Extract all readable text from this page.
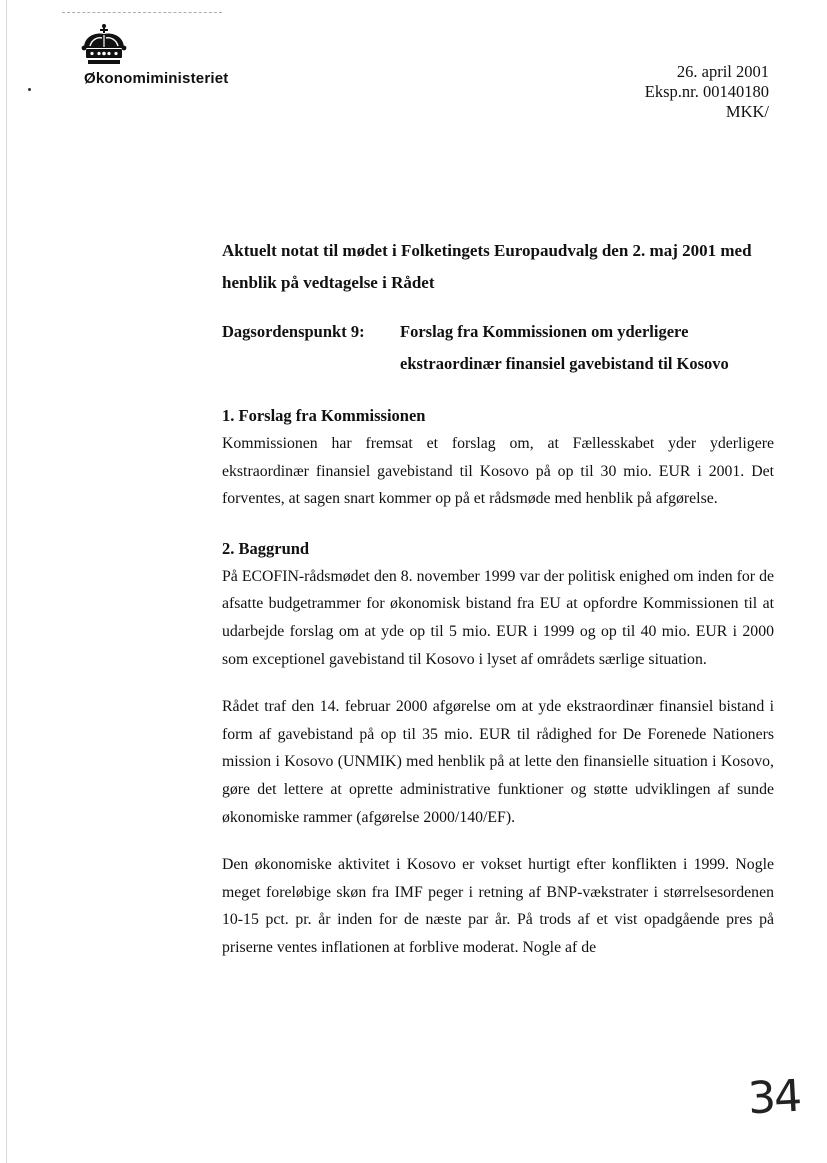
Økonomiministeriet	26. april 2001
Eksp.nr. 00140180
MKK/

Aktuelt notat til mødet i Folketingets Europaudvalg den 2. maj 2001 med henblik på vedtagelse i Rådet

Dagsordenspunkt 9:	Forslag fra Kommissionen om yderligere ekstraordinær finansiel gavebistand til Kosovo
1. Forslag fra Kommissionen

Kommissionen har fremsat et forslag om, at Fællesskabet yder yderligere ekstraordinær finansiel gavebistand til Kosovo på op til 30 mio. EUR i 2001. Det forventes, at sagen snart kommer op på et rådsmøde med henblik på afgørelse.

2. Baggrund

På ECOFIN-rådsmødet den 8. november 1999 var der politisk enighed om inden for de afsatte budgetrammer for økonomisk bistand fra EU at opfordre Kommissionen til at udarbejde forslag om at yde op til 5 mio. EUR i 1999 og op til 40 mio. EUR i 2000 som exceptionel gavebistand til Kosovo i lyset af områdets særlige situation.

Rådet traf den 14. februar 2000 afgørelse om at yde ekstraordinær finansiel bistand i form af gavebistand på op til 35 mio. EUR til rådighed for De Forenede Nationers mission i Kosovo (UNMIK) med henblik på at lette den finansielle situation i Kosovo, gøre det lettere at oprette administrative funktioner og støtte udviklingen af sunde økonomiske rammer (afgørelse 2000/140/EF).

Den økonomiske aktivitet i Kosovo er vokset hurtigt efter konflikten i 1999. Nogle meget foreløbige skøn fra IMF peger i retning af BNP-vækstrater i størrelsesordenen 10-15 pct. pr. år inden for de næste par år. På trods af et vist opadgående pres på priserne ventes inflationen at forblive moderat. Nogle af de

34
